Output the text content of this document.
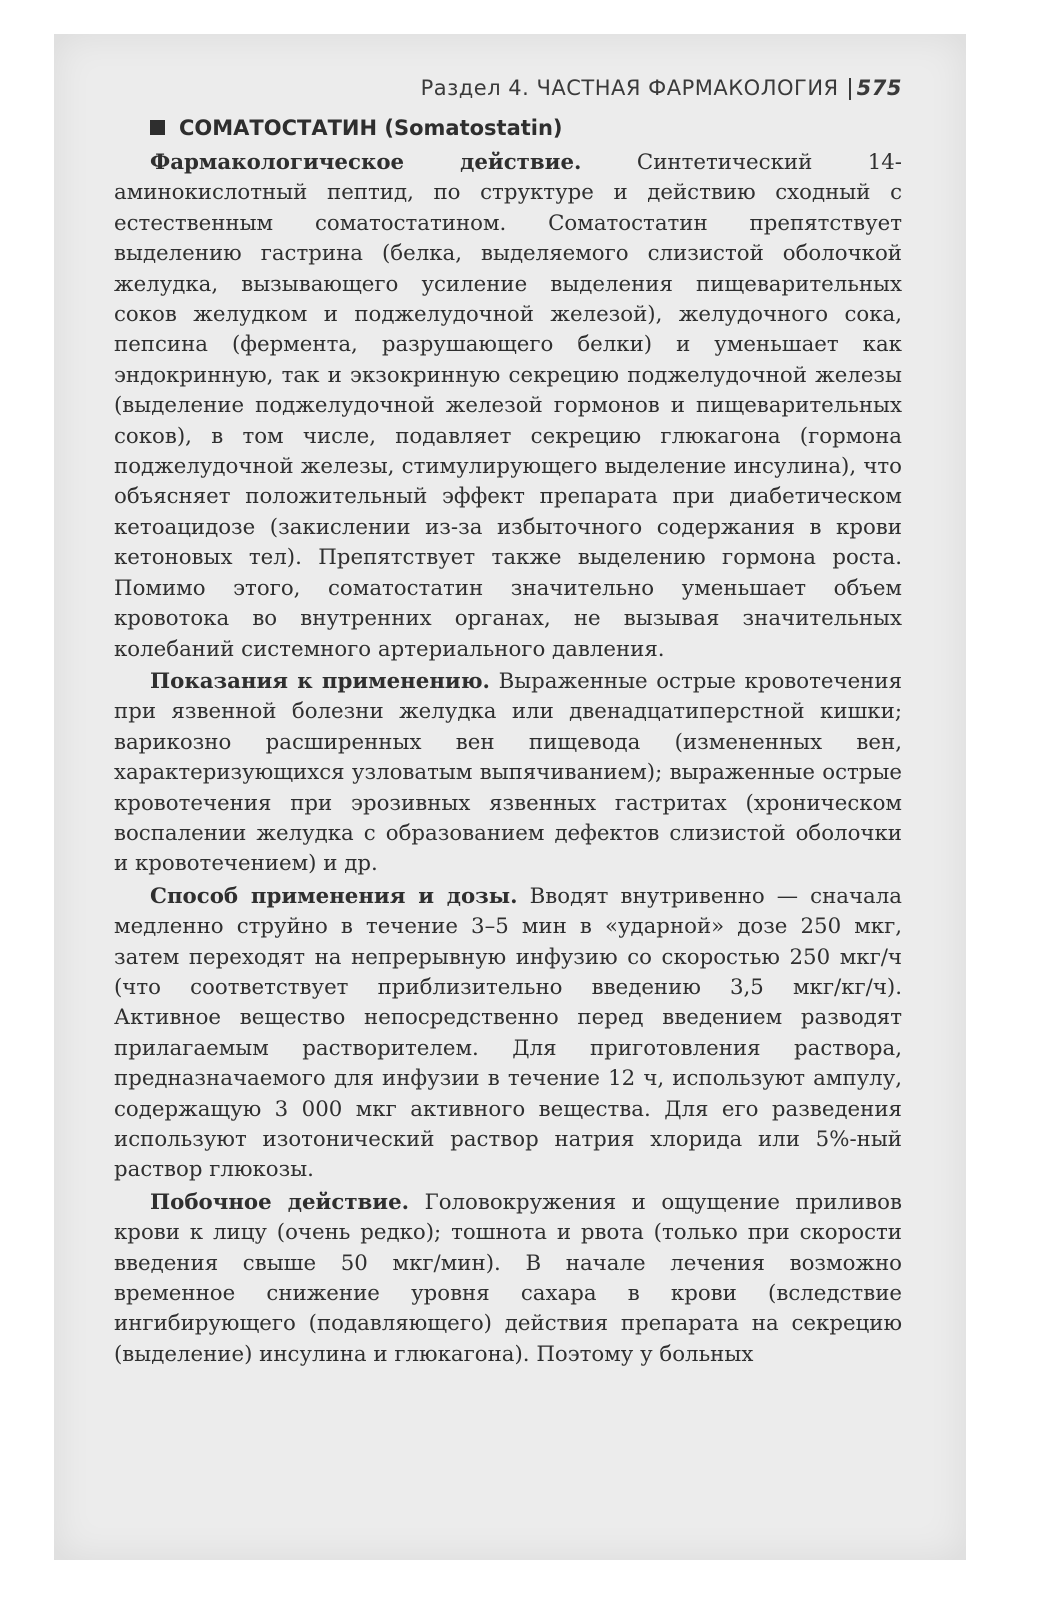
Раздел 4. ЧАСТНАЯ ФАРМАКОЛОГИЯ 575
СОМАТОСТАТИН (Somatostatin)

Фармакологическое действие.	Синтетический 14-аминокислотный пептид, по структуре и действию сходный с естественным соматостатином. Соматостатин препятствует выделению гастрина (белка, выделяемого слизистой оболочкой желудка, вызывающего усиление выделения пищеварительных соков желудком и поджелудочной железой), желудочного сока, пепсина (фермента, разрушающего белки) и уменьшает как эндокринную, так и экзокринную секрецию поджелудочной железы (выделение поджелудочной железой гормонов и пищеварительных соков), в том числе, подавляет секрецию глюкагона (гормона поджелудочной железы, стимулирующего выделение инсулина), что объясняет положительный эффект препарата при диабетическом кетоацидозе (закислении из-за избыточного содержания в крови кетоновых тел). Препятствует также выделению гормона роста. Помимо этого, соматостатин значительно уменьшает объем кровотока во внутренних органах, не вызывая значительных колебаний системного артериального давления.

Показания к применению. Выраженные острые кровотечения при язвенной болезни желудка или двенадцатиперстной кишки; варикозно расширенных вен пищевода (измененных вен, характеризующихся узловатым выпячиванием); выраженные острые кровотечения при эрозивных язвенных гастритах (хроническом воспалении желудка с образованием дефектов слизистой оболочки и кровотечением) и др.

Способ применения и дозы. Вводят внутривенно — сначала медленно струйно в течение 3–5 мин в «ударной» дозе 250 мкг, затем переходят на непрерывную инфузию со скоростью 250 мкг/ч (что соответствует приблизительно введению 3,5 мкг/кг/ч). Активное вещество непосредственно перед введением разводят прилагаемым растворителем. Для приготовления раствора, предназначаемого для инфузии в течение 12 ч, используют ампулу, содержащую 3 000 мкг активного вещества. Для его разведения используют изотонический раствор натрия хлорида или 5%-ный раствор глюкозы.

Побочное действие. Головокружения и ощущение приливов крови к лицу (очень редко); тошнота и рвота (только при скорости введения свыше 50 мкг/мин). В начале лечения возможно временное снижение уровня сахара в крови (вследствие ингибирующего (подавляющего) действия препарата на секрецию (выделение) инсулина и глюкагона). Поэтому у больных
